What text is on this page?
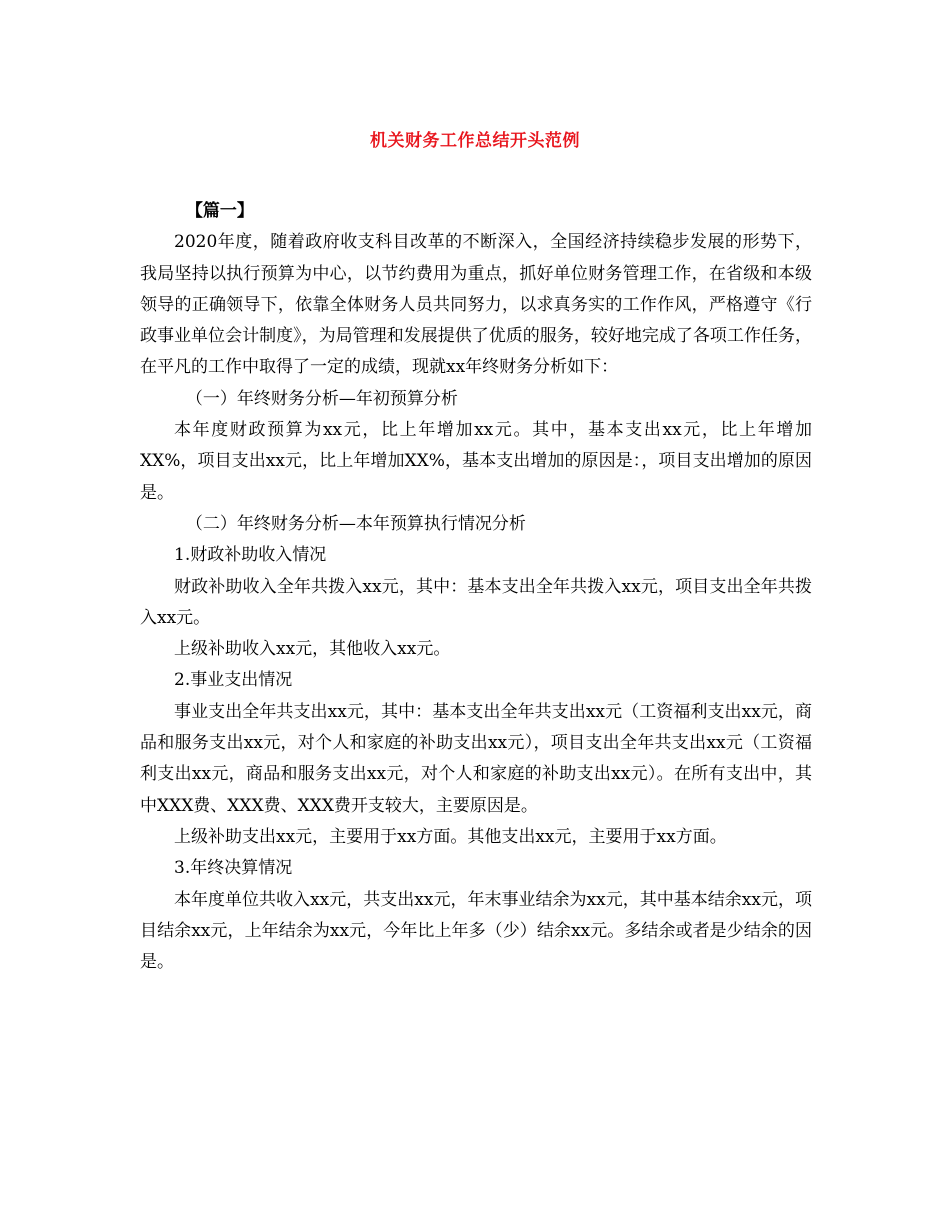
机关财务工作总结开头范例

【篇一】

2020年度，随着政府收支科目改革的不断深入，全国经济持续稳步发展的形势下，我局坚持以执行预算为中心，以节约费用为重点，抓好单位财务管理工作，在省级和本级领导的正确领导下，依靠全体财务人员共同努力，以求真务实的工作作风，严格遵守《行政事业单位会计制度》，为局管理和发展提供了优质的服务，较好地完成了各项工作任务，在平凡的工作中取得了一定的成绩，现就xx年终财务分析如下：

（一）年终财务分析—年初预算分析

本年度财政预算为xx元，比上年增加xx元。其中，基本支出xx元，比上年增加XX%，项目支出xx元，比上年增加XX%，基本支出增加的原因是：，项目支出增加的原因是。

（二）年终财务分析—本年预算执行情况分析

1.财政补助收入情况

财政补助收入全年共拨入xx元，其中：基本支出全年共拨入xx元，项目支出全年共拨入xx元。

上级补助收入xx元，其他收入xx元。

2.事业支出情况

事业支出全年共支出xx元，其中：基本支出全年共支出xx元（工资福利支出xx元，商品和服务支出xx元，对个人和家庭的补助支出xx元），项目支出全年共支出xx元（工资福利支出xx元，商品和服务支出xx元，对个人和家庭的补助支出xx元）。在所有支出中，其中XXX费、XXX费、XXX费开支较大，主要原因是。

上级补助支出xx元，主要用于xx方面。其他支出xx元，主要用于xx方面。

3.年终决算情况

本年度单位共收入xx元，共支出xx元，年末事业结余为xx元，其中基本结余xx元，项目结余xx元，上年结余为xx元，今年比上年多（少）结余xx元。多结余或者是少结余的因是。
